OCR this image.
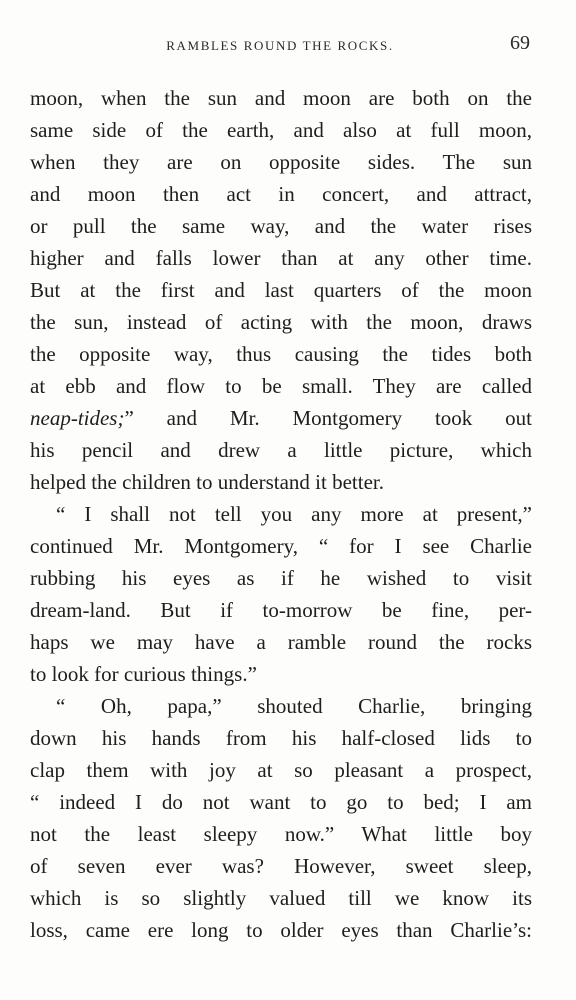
RAMBLES ROUND THE ROCKS.	69
moon, when the sun and moon are both on the
same side of the earth, and also at full moon,
when they are on opposite sides. The sun
and moon then act in concert, and attract,
or pull the same way, and the water rises
higher and falls lower than at any other time.
But at the first and last quarters of the moon
the sun, instead of acting with the moon, draws
the opposite way, thus causing the tides both
at ebb and flow to be small. They are called
neap-tides;” and Mr. Montgomery took out
his pencil and drew a little picture, which
helped the children to understand it better.
“ I shall not tell you any more at present,”
continued Mr. Montgomery, “ for I see Charlie
rubbing his eyes as if he wished to visit
dream-land. But if to-morrow be fine, per-
haps we may have a ramble round the rocks
to look for curious things.”
“ Oh, papa,” shouted Charlie, bringing
down his hands from his half-closed lids to
clap them with joy at so pleasant a prospect,
“ indeed I do not want to go to bed; I am
not the least sleepy now.” What little boy
of seven ever was? However, sweet sleep,
which is so slightly valued till we know its
loss, came ere long to older eyes than Charlie’s:
